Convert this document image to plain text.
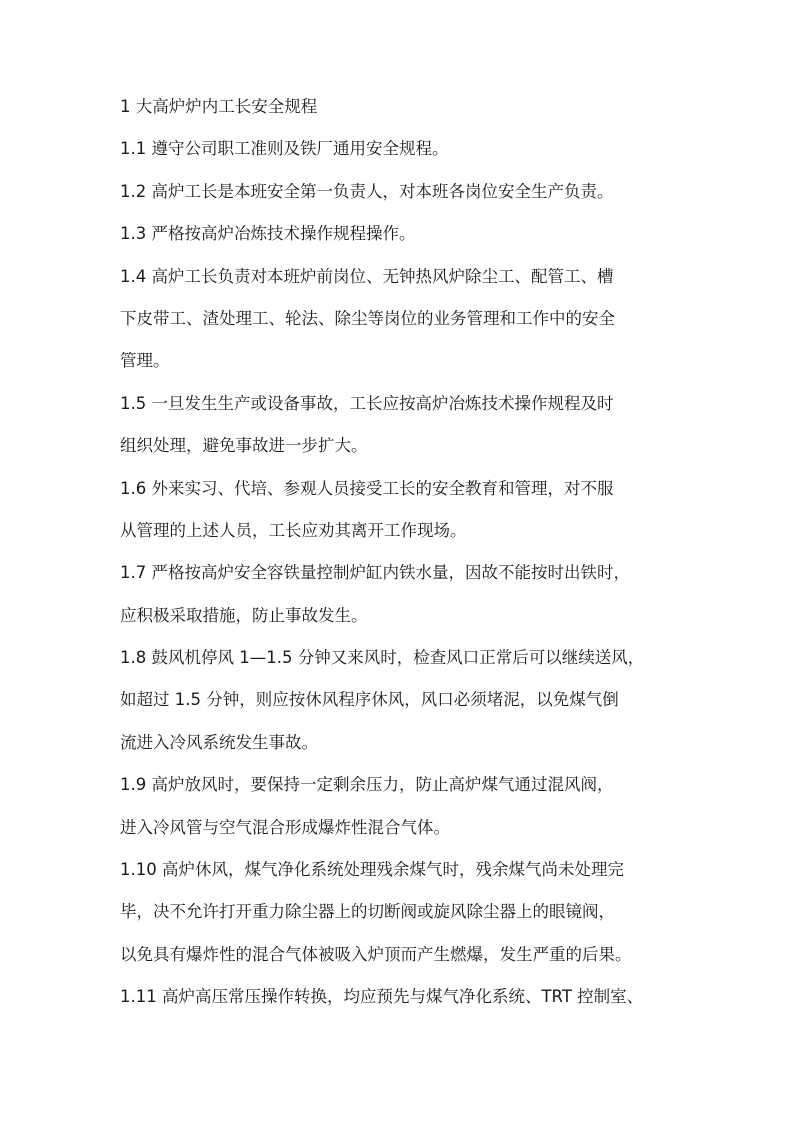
1 大高炉炉内工长安全规程
1.1 遵守公司职工准则及铁厂通用安全规程。
1.2 高炉工长是本班安全第一负责人，对本班各岗位安全生产负责。
1.3 严格按高炉冶炼技术操作规程操作。
1.4 高炉工长负责对本班炉前岗位、无钟热风炉除尘工、配管工、槽
下皮带工、渣处理工、轮法、除尘等岗位的业务管理和工作中的安全
管理。
1.5 一旦发生生产或设备事故，工长应按高炉冶炼技术操作规程及时
组织处理，避免事故进一步扩大。
1.6 外来实习、代培、参观人员接受工长的安全教育和管理，对不服
从管理的上述人员，工长应劝其离开工作现场。
1.7 严格按高炉安全容铁量控制炉缸内铁水量，因故不能按时出铁时，
应积极采取措施，防止事故发生。
1.8 鼓风机停风 1—1.5 分钟又来风时，检查风口正常后可以继续送风，
如超过 1.5 分钟，则应按休风程序休风，风口必须堵泥，以免煤气倒
流进入冷风系统发生事故。
1.9 高炉放风时，要保持一定剩余压力，防止高炉煤气通过混风阀，
进入冷风管与空气混合形成爆炸性混合气体。
1.10 高炉休风，煤气净化系统处理残余煤气时，残余煤气尚未处理完
毕，决不允许打开重力除尘器上的切断阀或旋风除尘器上的眼镜阀，
以免具有爆炸性的混合气体被吸入炉顶而产生燃爆，发生严重的后果。
1.11 高炉高压常压操作转换，均应预先与煤气净化系统、TRT 控制室、
